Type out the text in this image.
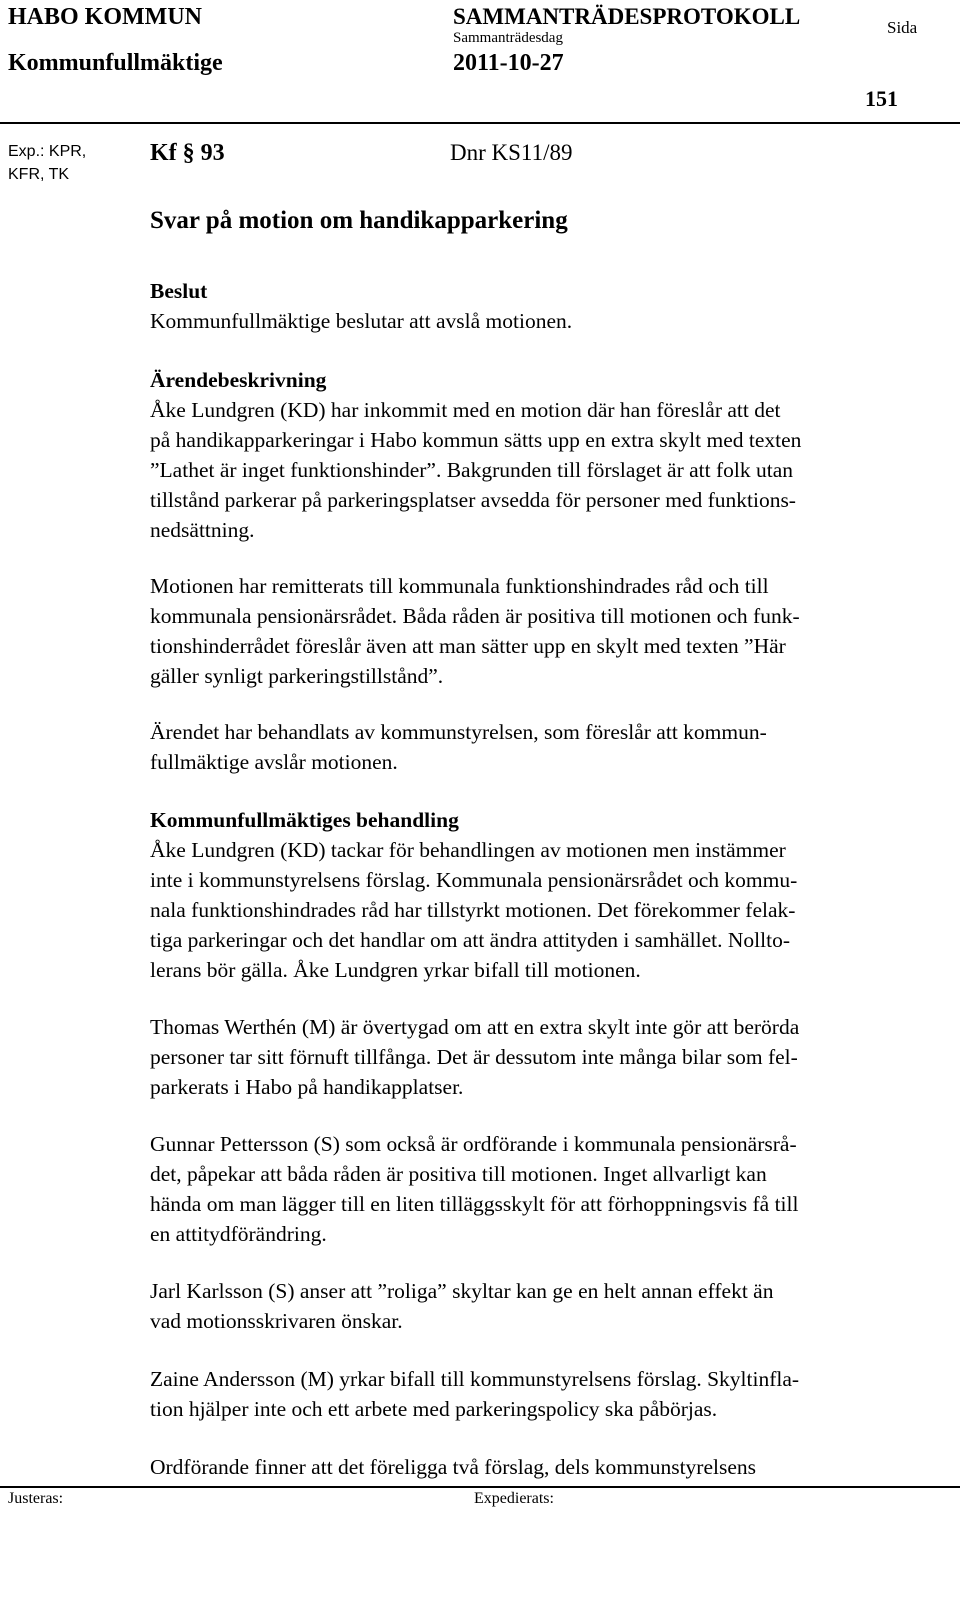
HABO KOMMUN
Kommunfullmäktige
SAMMANTRÄDESPROTOKOLL
Sammanträdesdag
2011-10-27
Sida
151
Exp.: KPR,
KFR, TK
Kf § 93	Dnr KS11/89
Svar på motion om handikapparkering
Beslut
Kommunfullmäktige beslutar att avslå motionen.
Ärendebeskrivning
Åke Lundgren (KD) har inkommit med en motion där han föreslår att det
på handikapparkeringar i Habo kommun sätts upp en extra skylt med texten
”Lathet är inget funktionshinder”. Bakgrunden till förslaget är att folk utan
tillstånd parkerar på parkeringsplatser avsedda för personer med funktions-
nedsättning.
Motionen har remitterats till kommunala funktionshindrades råd och till
kommunala pensionärsrådet. Båda råden är positiva till motionen och funk-
tionshinderrådet föreslår även att man sätter upp en skylt med texten ”Här
gäller synligt parkeringstillstånd”.
Ärendet har behandlats av kommunstyrelsen, som föreslår att kommun-
fullmäktige avslår motionen.
Kommunfullmäktiges behandling
Åke Lundgren (KD) tackar för behandlingen av motionen men instämmer
inte i kommunstyrelsens förslag. Kommunala pensionärsrådet och kommu-
nala funktionshindrades råd har tillstyrkt motionen. Det förekommer felak-
tiga parkeringar och det handlar om att ändra attityden i samhället. Nollto-
lerans bör gälla. Åke Lundgren yrkar bifall till motionen.
Thomas Werthén (M) är övertygad om att en extra skylt inte gör att berörda
personer tar sitt förnuft tillfånga. Det är dessutom inte många bilar som fel-
parkerats i Habo på handikapplatser.
Gunnar Pettersson (S) som också är ordförande i kommunala pensionärsrå-
det, påpekar att båda råden är positiva till motionen. Inget allvarligt kan
hända om man lägger till en liten tilläggsskylt för att förhoppningsvis få till
en attitydförändring.
Jarl Karlsson (S) anser att ”roliga” skyltar kan ge en helt annan effekt än
vad motionsskrivaren önskar.
Zaine Andersson (M) yrkar bifall till kommunstyrelsens förslag. Skyltinfla-
tion hjälper inte och ett arbete med parkeringspolicy ska påbörjas.
Ordförande finner att det föreligga två förslag, dels kommunstyrelsens
Justeras:	Expedierats:
